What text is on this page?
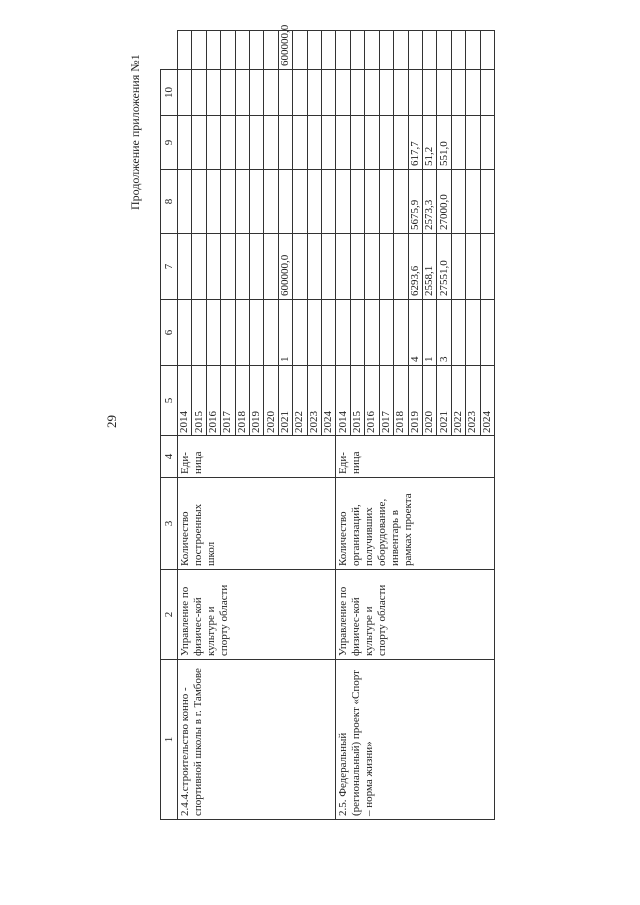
29
Продолжение приложения №1
1	2	3	4	5	6	7	8	9	10	
2.4.4.строительство конно - спортивной школы в г. Тамбове	Управление по физичес-кой культуре и спорту области	Количество построенных школ	Еди-ница	2014						
				2015						
				2016						
				2017						
				2018						
				2019						
				2020						
				2021	1	600000,0				600000,0
				2022						
				2023						
				2024						
2.5. Федеральный (региональный) проект «Спорт – норма жизни»	Управление по физичес-кой культуре и спорту области	Количество организаций, получивших оборудование, инвентарь в рамках проекта	Еди-ница	2014						
				2015						
				2016						
				2017						
				2018						
				2019	4	6293,6	5675,9	617,7		
				2020	1	2558,1	2573,3	51,2		
				2021	3	27551,0	27000,0	551,0		
				2022						
				2023						
				2024						
